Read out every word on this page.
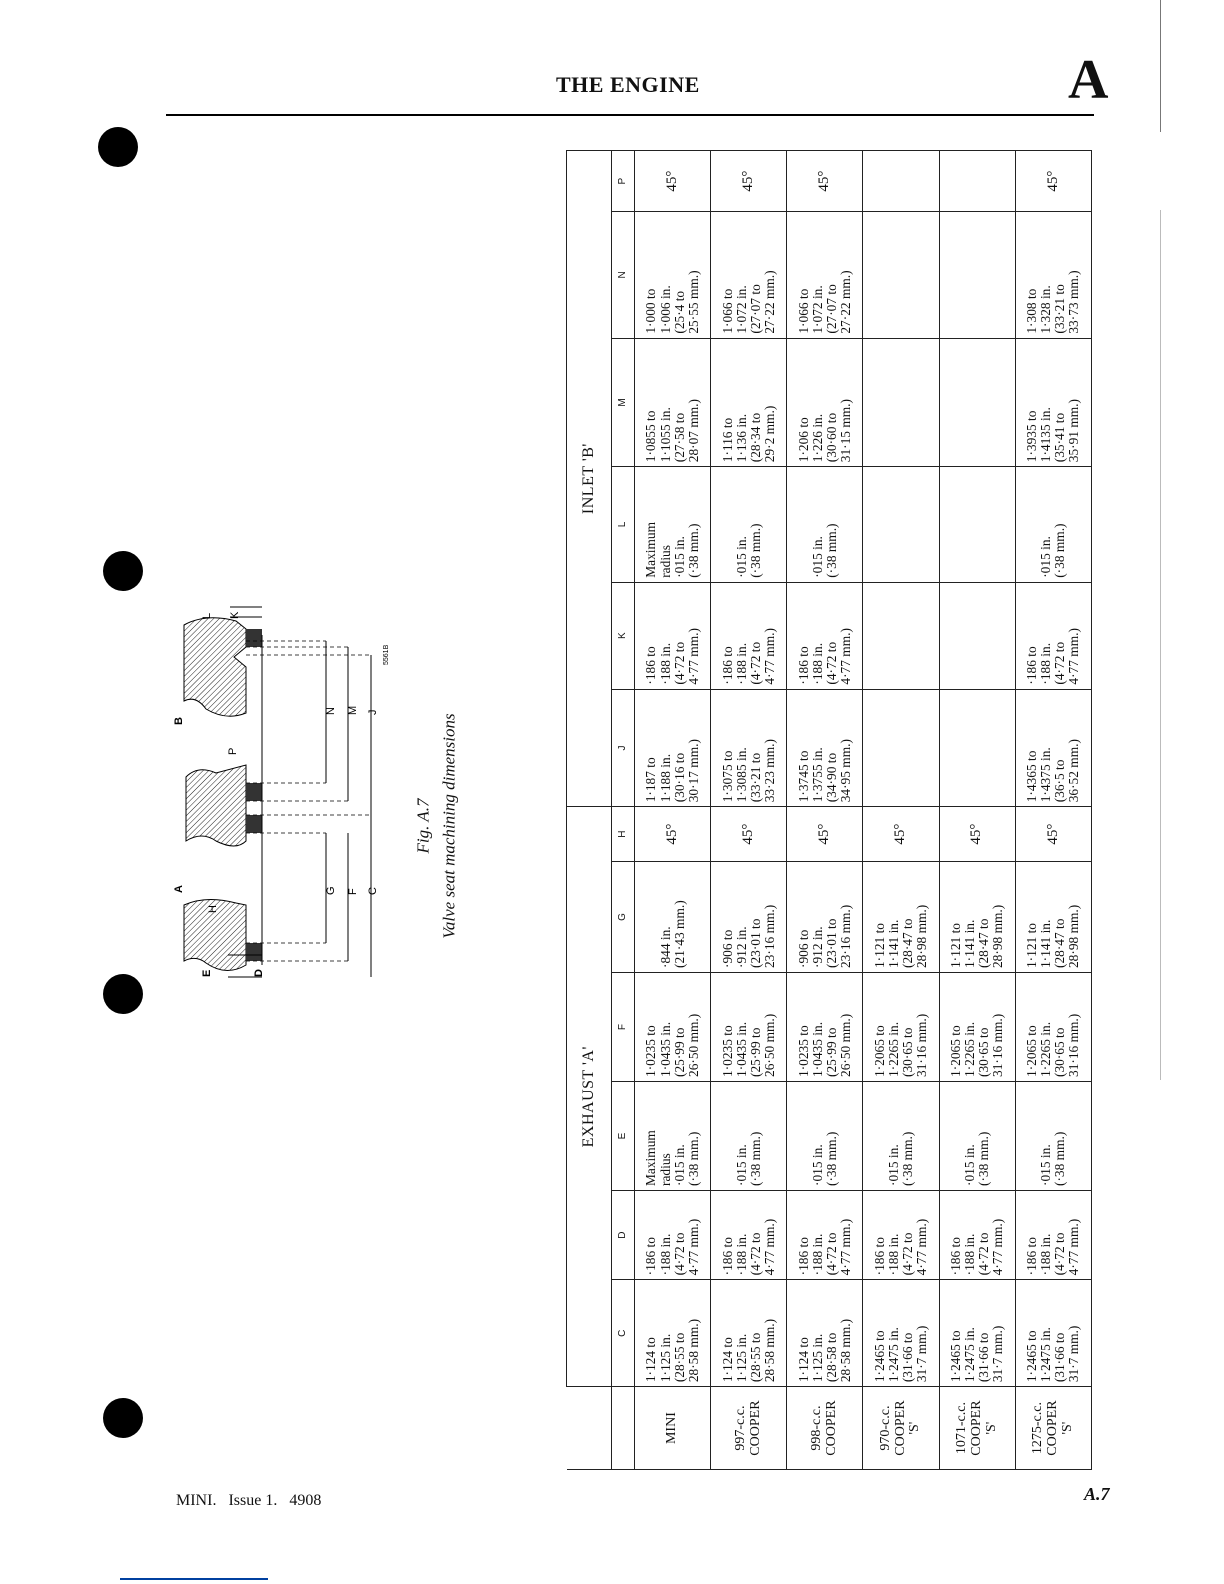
THE ENGINE	A
K
L
N M J
P
B
A
H
G F C
E	D
5561B
Fig. A.7 Valve seat machining dimensions
	EXHAUST 'A'						INLET 'B'					
	C	D	E	F	G	H	J	K	L	M	N	P
MINI	1·124 to
1·125 in.
(28·55 to
28·58 mm.)	·186 to
·188 in.
(4·72 to
4·77 mm.)	Maximum
radius
·015 in.
(·38 mm.)	1·0235 to
1·0435 in.
(25·99 to
26·50 mm.)	·844 in.
(21·43 mm.)	45°	1·187 to
1·188 in.
(30·16 to
30·17 mm.)	·186 to
·188 in.
(4·72 to
4·77 mm.)	Maximum
radius
·015 in.
(·38 mm.)	1·0855 to
1·1055 in.
(27·58 to
28·07 mm.)	1·000 to
1·006 in.
(25·4 to
25·55 mm.)	45°
997-c.c.
COOPER	1·124 to
1·125 in.
(28·55 to
28·58 mm.)	·186 to
·188 in.
(4·72 to
4·77 mm.)	·015 in.
(·38 mm.)	1·0235 to
1·0435 in.
(25·99 to
26·50 mm.)	·906 to
·912 in.
(23·01 to
23·16 mm.)	45°	1·3075 to
1·3085 in.
(33·21 to
33·23 mm.)	·186 to
·188 in.
(4·72 to
4·77 mm.)	·015 in.
(·38 mm.)	1·116 to
1·136 in.
(28·34 to
29·2 mm.)	1·066 to
1·072 in.
(27·07 to
27·22 mm.)	45°
998-c.c.
COOPER	1·124 to
1·125 in.
(28·58 to
28·58 mm.)	·186 to
·188 in.
(4·72 to
4·77 mm.)	·015 in.
(·38 mm.)	1·0235 to
1·0435 in.
(25·99 to
26·50 mm.)	·906 to
·912 in.
(23·01 to
23·16 mm.)	45°	1·3745 to
1·3755 in.
(34·90 to
34·95 mm.)	·186 to
·188 in.
(4·72 to
4·77 mm.)	·015 in.
(·38 mm.)	1·206 to
1·226 in.
(30·60 to
31·15 mm.)	1·066 to
1·072 in.
(27·07 to
27·22 mm.)	45°
970-c.c.
COOPER
'S'	1·2465 to
1·2475 in.
(31·66 to
31·7 mm.)	·186 to
·188 in.
(4·72 to
4·77 mm.)	·015 in.
(·38 mm.)	1·2065 to
1·2265 in.
(30·65 to
31·16 mm.)	1·121 to
1·141 in.
(28·47 to
28·98 mm.)	45°						
1071-c.c.
COOPER
'S'	1·2465 to
1·2475 in.
(31·66 to
31·7 mm.)	·186 to
·188 in.
(4·72 to
4·77 mm.)	·015 in.
(·38 mm.)	1·2065 to
1·2265 in.
(30·65 to
31·16 mm.)	1·121 to
1·141 in.
(28·47 to
28·98 mm.)	45°						
1275-c.c.
COOPER
'S'	1·2465 to
1·2475 in.
(31·66 to
31·7 mm.)	·186 to
·188 in.
(4·72 to
4·77 mm.)	·015 in.
(·38 mm.)	1·2065 to
1·2265 in.
(30·65 to
31·16 mm.)	1·121 to
1·141 in.
(28·47 to
28·98 mm.)	45°	1·4365 to
1·4375 in.
(36·5 to
36·52 mm.)	·186 to
·188 in.
(4·72 to
4·77 mm.)	·015 in.
(·38 mm.)	1·3935 to
1·4135 in.
(35·41 to
35·91 mm.)	1·308 to
1·328 in.
(33·21 to
33·73 mm.)	45°
MINI.   Issue 1.   4908	A.7
